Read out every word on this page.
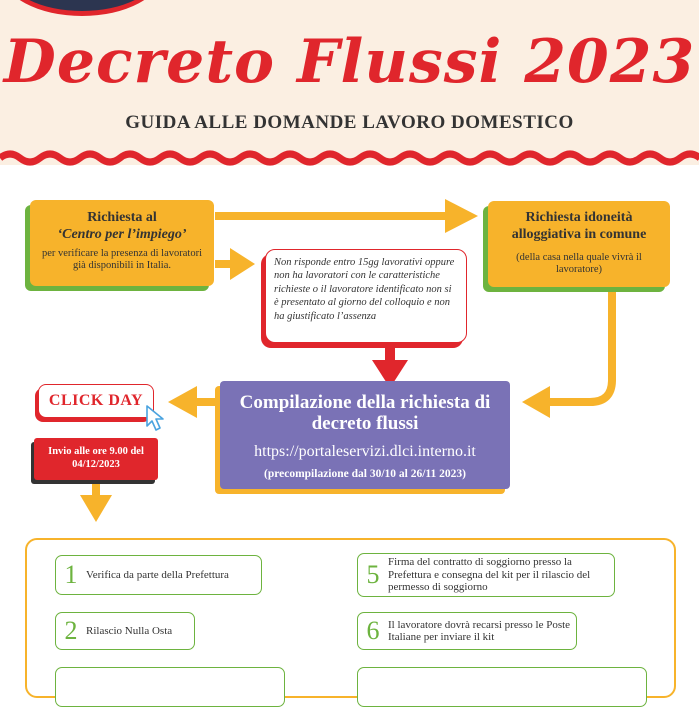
Decreto Flussi 2023
GUIDA ALLE DOMANDE LAVORO DOMESTICO
Richiesta al
‘Centro per l’impiego’
per verificare la presenza di lavoratori già disponibili in Italia.
Richiesta idoneità alloggiativa in comune
(della casa nella quale vivrà il lavoratore)
Non risponde entro 15gg lavorativi oppure non ha lavoratori con le caratteristiche richieste o il lavoratore identificato non si è presentato al giorno del colloquio e non ha giustificato l’assenza
Compilazione della richiesta di decreto flussi
https://portaleservizi.dlci.interno.it
(precompilazione dal 30/10 al 26/11 2023)
CLICK DAY
Invio alle ore 9.00 del 04/12/2023
1 Verifica da parte della Prefettura
2 Rilascio Nulla Osta
5 Firma del contratto di soggiorno presso la Prefettura e consegna del kit per il rilascio del permesso di soggiorno
6 Il lavoratore dovrà recarsi presso le Poste Italiane per inviare il kit
